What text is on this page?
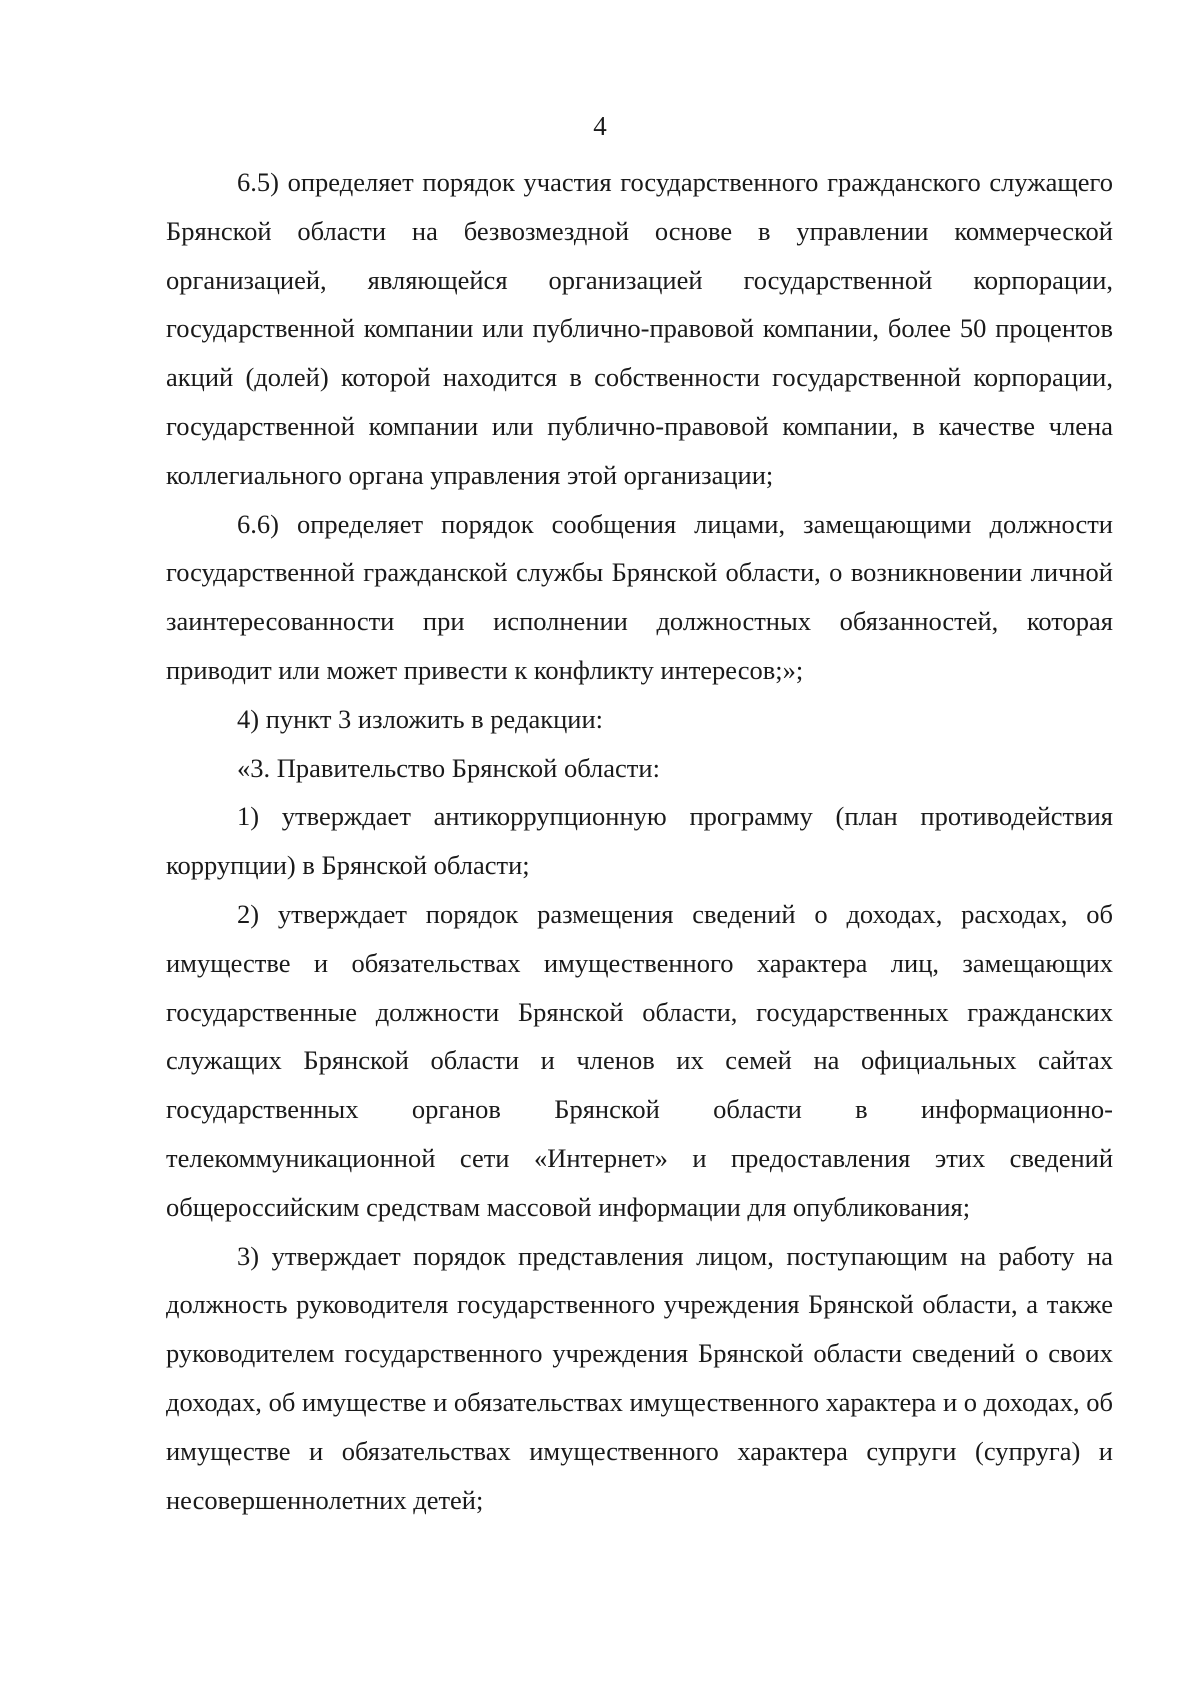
4

6.5) определяет порядок участия государственного гражданского служащего Брянской области на безвозмездной основе в управлении коммерческой организацией, являющейся организацией государственной корпорации, государственной компании или публично-правовой компании, более 50 процентов акций (долей) которой находится в собственности государственной корпорации, государственной компании или публично-правовой компании, в качестве члена коллегиального органа управления этой организации;

6.6) определяет порядок сообщения лицами, замещающими должности государственной гражданской службы Брянской области, о возникновении личной заинтересованности при исполнении должностных обязанностей, которая приводит или может привести к конфликту интересов;»;

4) пункт 3 изложить в редакции:

«3. Правительство Брянской области:

1) утверждает антикоррупционную программу (план противодействия коррупции) в Брянской области;

2) утверждает порядок размещения сведений о доходах, расходах, об имуществе и обязательствах имущественного характера лиц, замещающих государственные должности Брянской области, государственных гражданских служащих Брянской области и членов их семей на официальных сайтах государственных органов Брянской области в информационно-телекоммуникационной сети «Интернет» и предоставления этих сведений общероссийским средствам массовой информации для опубликования;

3) утверждает порядок представления лицом, поступающим на работу на должность руководителя государственного учреждения Брянской области, а также руководителем государственного учреждения Брянской области сведений о своих доходах, об имуществе и обязательствах имущественного характера и о доходах, об имуществе и обязательствах имущественного характера супруги (супруга) и несовершеннолетних детей;
